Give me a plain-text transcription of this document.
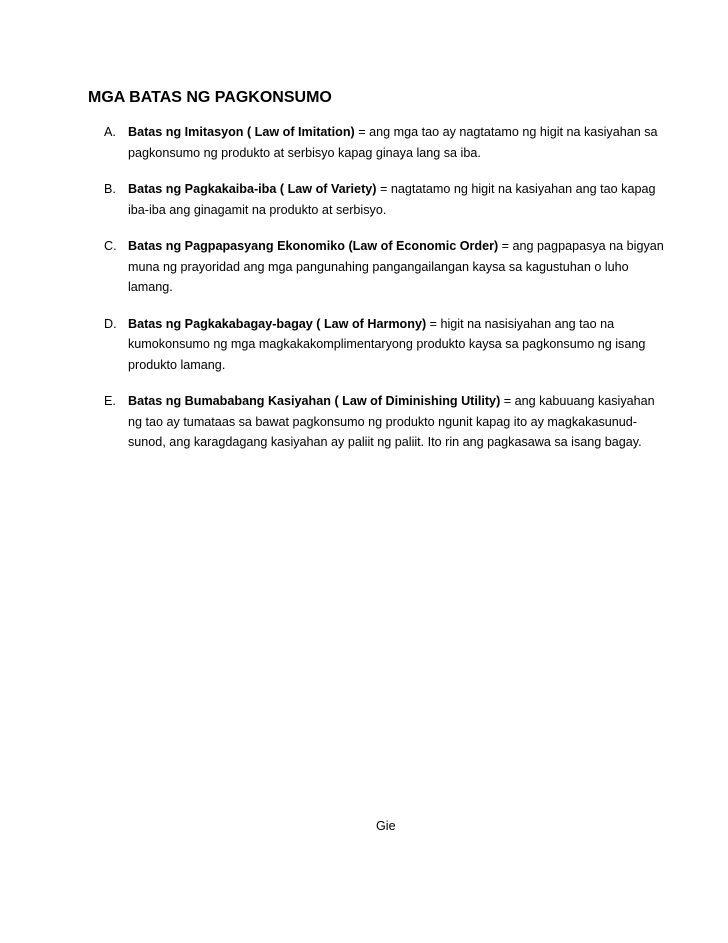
MGA BATAS NG PAGKONSUMO
A. Batas ng Imitasyon ( Law of Imitation) = ang mga tao ay nagtatamo ng higit na kasiyahan sa pagkonsumo ng produkto at serbisyo kapag ginaya lang sa iba.
B. Batas ng Pagkakaiba-iba ( Law of Variety) = nagtatamo ng higit na kasiyahan ang tao kapag iba-iba ang ginagamit na produkto at serbisyo.
C. Batas ng Pagpapasyang Ekonomiko (Law of Economic Order) = ang pagpapasya na bigyan muna ng prayoridad ang mga pangunahing pangangailangan kaysa sa kagustuhan o luho lamang.
D. Batas ng Pagkakabagay-bagay ( Law of Harmony) = higit na nasisiyahan ang tao na kumokonsumo ng mga magkakakomplimentaryong produkto kaysa sa pagkonsumo ng isang produkto lamang.
E. Batas ng Bumababang Kasiyahan ( Law of Diminishing Utility) = ang kabuuang kasiyahan ng tao ay tumataas sa bawat pagkonsumo ng produkto ngunit kapag ito ay magkakasunud-sunod, ang karagdagang kasiyahan ay paliit ng paliit. Ito rin ang pagkasawa sa isang bagay.
Gie
